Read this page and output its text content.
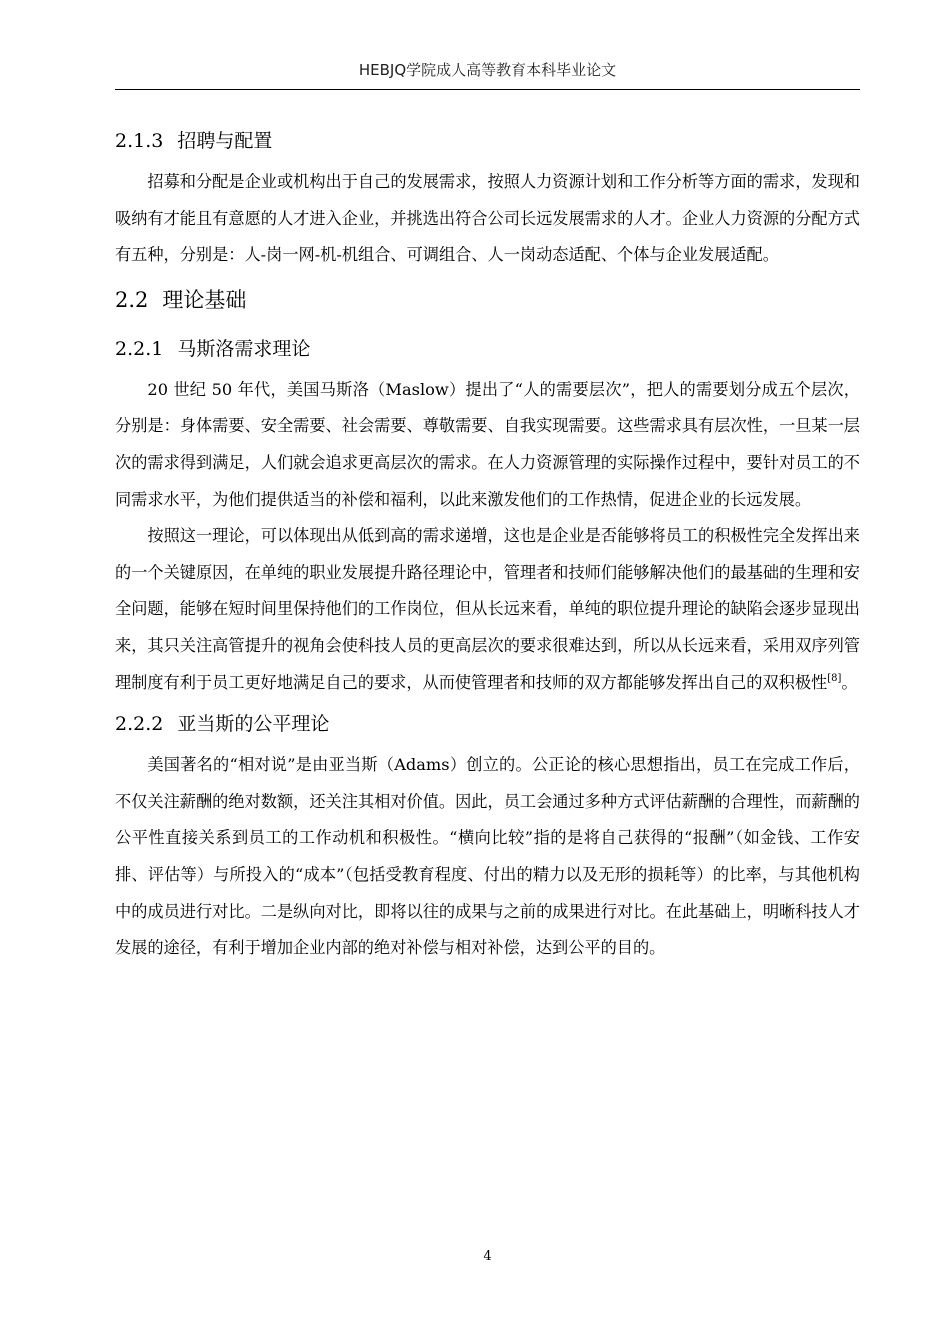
HEBJQ学院成人高等教育本科毕业论文
2.1.3 招聘与配置

招募和分配是企业或机构出于自己的发展需求，按照人力资源计划和工作分析等方面的需求，发现和吸纳有才能且有意愿的人才进入企业，并挑选出符合公司长远发展需求的人才。企业人力资源的分配方式有五种，分别是：人-岗一网-机-机组合、可调组合、人一岗动态适配、个体与企业发展适配。

2.2 理论基础
2.2.1 马斯洛需求理论

20 世纪 50 年代，美国马斯洛（Maslow）提出了“人的需要层次”，把人的需要划分成五个层次，分别是：身体需要、安全需要、社会需要、尊敬需要、自我实现需要。这些需求具有层次性，一旦某一层次的需求得到满足，人们就会追求更高层次的需求。在人力资源管理的实际操作过程中，要针对员工的不同需求水平，为他们提供适当的补偿和福利，以此来激发他们的工作热情，促进企业的长远发展。

按照这一理论，可以体现出从低到高的需求递增，这也是企业是否能够将员工的积极性完全发挥出来的一个关键原因，在单纯的职业发展提升路径理论中，管理者和技师们能够解决他们的最基础的生理和安全问题，能够在短时间里保持他们的工作岗位，但从长远来看，单纯的职位提升理论的缺陷会逐步显现出来，其只关注高管提升的视角会使科技人员的更高层次的要求很难达到，所以从长远来看，采用双序列管理制度有利于员工更好地满足自己的要求，从而使管理者和技师的双方都能够发挥出自己的双积极性[8]。

2.2.2 亚当斯的公平理论

美国著名的“相对说”是由亚当斯（Adams）创立的。公正论的核心思想指出，员工在完成工作后，不仅关注薪酬的绝对数额，还关注其相对价值。因此，员工会通过多种方式评估薪酬的合理性，而薪酬的公平性直接关系到员工的工作动机和积极性。“横向比较”指的是将自己获得的“报酬”（如金钱、工作安排、评估等）与所投入的“成本”（包括受教育程度、付出的精力以及无形的损耗等）的比率，与其他机构中的成员进行对比。二是纵向对比，即将以往的成果与之前的成果进行对比。在此基础上，明晰科技人才发展的途径，有利于增加企业内部的绝对补偿与相对补偿，达到公平的目的。

4
